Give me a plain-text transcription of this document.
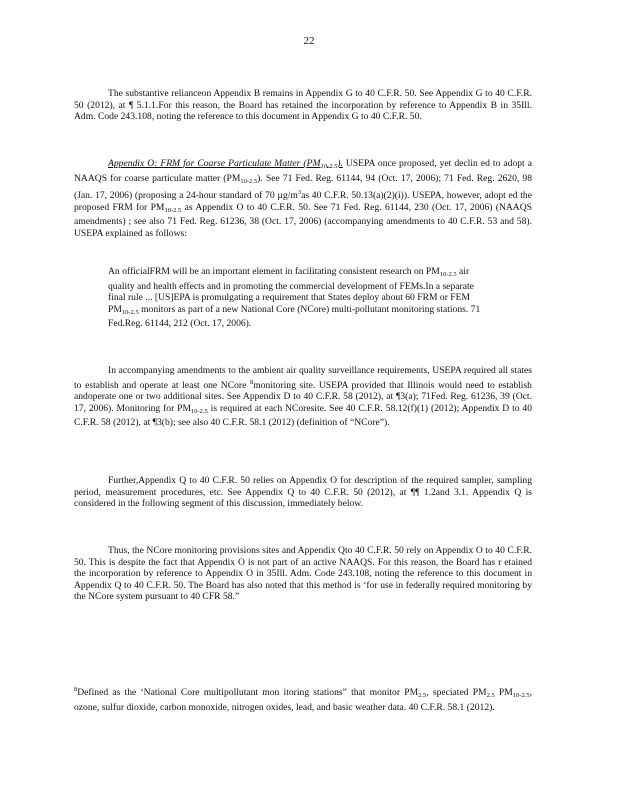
22

The substantive relianceon Appendix B remains in Appendix G to 40 C.F.R. 50. See Appendix G to 40 C.F.R. 50 (2012), at ¶ 5.1.1.For this reason, the Board has retained the incorporation by reference to Appendix B in 35Ill. Adm. Code 243.108, noting the reference to this document in Appendix G to 40 C.F.R. 50.

Appendix O: FRM for Coarse Particulate Matter $(PM_{10-2.5})$. USEPA once proposed, yet declin ed to adopt a NAAQS for coarse particulate matter $(PM_{10-2.5})$. See 71 Fed. Reg. 61144, 94 (Oct. 17, 2006); 71 Fed. Reg. 2620, 98 (Jan. 17, 2006) (proposing a 24-hour standard of 70 $\mu g/m^3as$ 40 C.F.R. 50.13(a)(2)(i)). USEPA, however, adopt ed the proposed FRM for $PM_{10-2.5}$ as Appendix O to 40 C.F.R. 50. See 71 Fed. Reg. 61144, 230 (Oct. 17, 2006) (NAAQS amendments) ; see also 71 Fed. Reg. 61236, 38 (Oct. 17, 2006) (accompanying amendments to 40 C.F.R. 53 and 58). USEPA explained as follows:

An officialFRM will be an important element in facilitating consistent research on $PM_{10-2.5}$ air quality and health effects and in promoting the commercial development of FEMs.In a separate final rule ... [US]EPA is promulgating a requirement that States deploy about 60 FRM or FEM $PM_{10-2.5}$ monitors as part of a new National Core (NCore) multi-pollutant monitoring stations. 71 Fed.Reg. 61144, 212 (Oct. 17, 2006).

In accompanying amendments to the ambient air quality surveillance requirements, USEPA required all states to establish and operate at least one NCore $^8$monitoring site. USEPA provided that Illinois would need to establish andoperate one or two additional sites. See Appendix D to 40 C.F.R. 58 (2012), at ¶3(a); 71Fed. Reg. 61236, 39 (Oct. 17, 2006). Monitoring for $PM_{10-2.5}$ is required at each NCoresite. See 40 C.F.R. 58.12(f)(1) (2012); Appendix D to 40 C.F.R. 58 (2012), at ¶3(b); see also 40 C.F.R. 58.1 (2012) (definition of “NCore”).

Further,Appendix Q to 40 C.F.R. 50 relies on Appendix O for description of the required sampler, sampling period, measurement procedures, etc. See Appendix Q to 40 C.F.R. 50 (2012), at ¶¶ 1.2and 3.1. Appendix Q is considered in the following segment of this discussion, immediately below.

Thus, the NCore monitoring provisions sites and Appendix Qto 40 C.F.R. 50 rely on Appendix O to 40 C.F.R. 50. This is despite the fact that Appendix O is not part of an active NAAQS. For this reason, the Board has r etained the incorporation by reference to Appendix O in 35Ill. Adm. Code 243.108, noting the reference to this document in Appendix Q to 40 C.F.R. 50. The Board has also noted that this method is ‘for use in federally required monitoring by the NCore system pursuant to 40 CFR 58.”

$^8$Defined as the ‘National Core multipollutant mon itoring stations” that monitor $PM_{2.5}$, speciated $PM_{2.5}$ $PM_{10-2.5}$, ozone, sulfur dioxide, carbon monoxide, nitrogen oxides, lead, and basic weather data. 40 C.F.R. 58.1 (2012).
